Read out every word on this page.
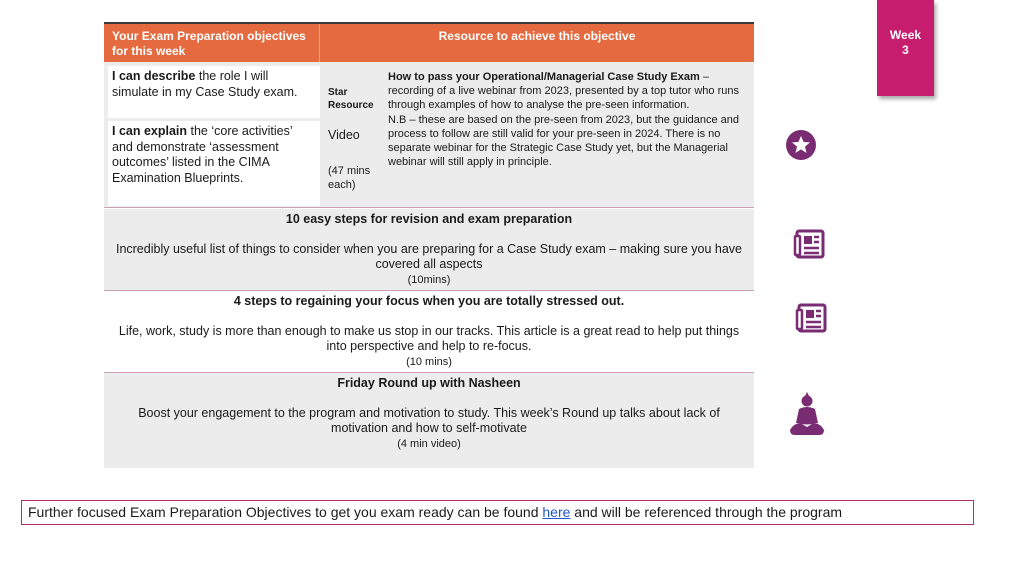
Your Exam Preparation objectives for this week
Resource to achieve this objective
I can describe the role I will simulate in my Case Study exam.
I can explain the ‘core activities’ and demonstrate ‘assessment outcomes’ listed in the CIMA Examination Blueprints.
Star Resource
Video
(47 mins each)
How to pass your Operational/Managerial Case Study Exam – recording of a live webinar from 2023, presented by a top tutor who runs through examples of how to analyse the pre-seen information.
N.B – these are based on the pre-seen from 2023, but the guidance and process to follow are still valid for your pre-seen in 2024. There is no separate webinar for the Strategic Case Study yet, but the Managerial webinar will still apply in principle.
10 easy steps for revision and exam preparation
Incredibly useful list of things to consider when you are preparing for a Case Study exam – making sure you have covered all aspects
(10mins)
4 steps to regaining your focus when you are totally stressed out.
Life, work, study is more than enough to make us stop in our tracks. This article is a great read to help put things into perspective and help to re-focus.
(10 mins)
Friday Round up with Nasheen
Boost your engagement to the program and motivation to study. This week’s Round up talks about lack of motivation and how to self-motivate
(4 min video)
Week
3
Further focused Exam Preparation Objectives to get you exam ready can be found here and will be referenced through the program
